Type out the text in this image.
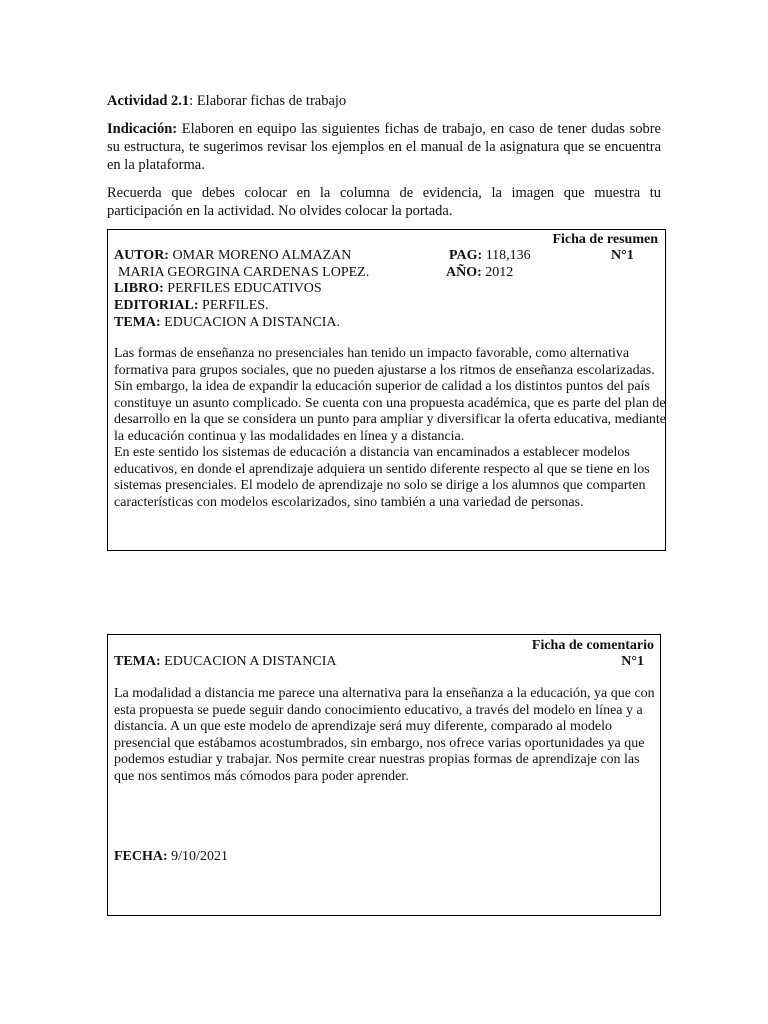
Actividad 2.1: Elaborar fichas de trabajo
Indicación: Elaboren en equipo las siguientes fichas de trabajo, en caso de tener dudas sobre su estructura, te sugerimos revisar los ejemplos en el manual de la asignatura que se encuentra en la plataforma.
Recuerda que debes colocar en la columna de evidencia, la imagen que muestra tu participación en la actividad. No olvides colocar la portada.
Ficha de resumen
AUTOR: OMAR MORENO ALMAZAN	PAG: 118,136	N°1
MARIA GEORGINA CARDENAS LOPEZ.	AÑO: 2012
LIBRO: PERFILES EDUCATIVOS
EDITORIAL: PERFILES.
TEMA: EDUCACION A DISTANCIA.
Las formas de enseñanza no presenciales han tenido un impacto favorable, como alternativa
formativa para grupos sociales, que no pueden ajustarse a los ritmos de enseñanza escolarizadas.
Sin embargo, la idea de expandir la educación superior de calidad a los distintos puntos del país
constituye un asunto complicado. Se cuenta con una propuesta académica, que es parte del plan de
desarrollo en la que se considera un punto para ampliar y diversificar la oferta educativa, mediante
la educación continua y las modalidades en línea y a distancia.
En este sentido los sistemas de educación a distancia van encaminados a establecer modelos
educativos, en donde el aprendizaje adquiera un sentido diferente respecto al que se tiene en los
sistemas presenciales. El modelo de aprendizaje no solo se dirige a los alumnos que comparten
características con modelos escolarizados, sino también a una variedad de personas.
Ficha de comentario
TEMA: EDUCACION A DISTANCIA	N°1
La modalidad a distancia me parece una alternativa para la enseñanza a la educación, ya que con
esta propuesta se puede seguir dando conocimiento educativo, a través del modelo en línea y a
distancia. A un que este modelo de aprendizaje será muy diferente, comparado al modelo
presencial que estábamos acostumbrados, sin embargo, nos ofrece varias oportunidades ya que
podemos estudiar y trabajar. Nos permite crear nuestras propias formas de aprendizaje con las
que nos sentimos más cómodos para poder aprender.
FECHA: 9/10/2021
